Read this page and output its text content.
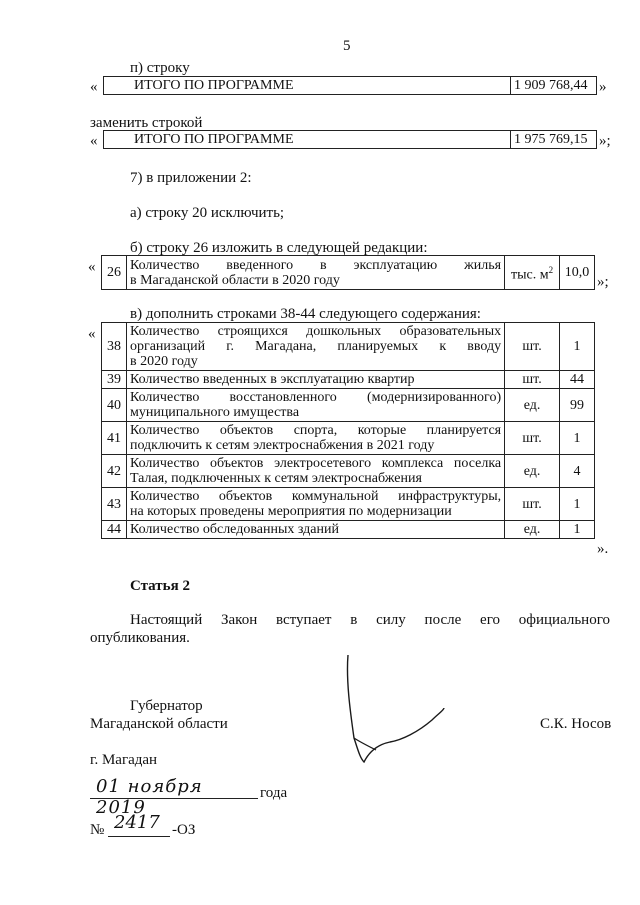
5
п) строку
«	ИТОГО ПО ПРОГРАММЕ	1 909 768,44 »
заменить строкой
«	ИТОГО ПО ПРОГРАММЕ	1 975 769,15 »;
7) в приложении 2:
а) строку 20 исключить;
б) строку 26 изложить в следующей редакции:
« 26	Количество введенного в эксплуатацию жилья
в Магаданской области в 2020 году	тыс. $м^2$	10,0
»;
в) дополнить строками 38-44 следующего содержания:
«
38	Количество строящихся дошкольных образовательных
организаций г. Магадана, планируемых к вводу
в 2020 году	шт.	1
39	Количество введенных в эксплуатацию квартир	шт.	44
40	Количество восстановленного (модернизированного)
муниципального имущества	ед.	99
41	Количество объектов спорта, которые планируется
подключить к сетям электроснабжения в 2021 году	шт.	1
42	Количество объектов электросетевого комплекса поселка
Талая, подключенных к сетям электроснабжения	ед.	4
43	Количество объектов коммунальной инфраструктуры,
на которых проведены мероприятия по модернизации	шт.	1
44	Количество обследованных зданий	ед.	1
».
Статья 2
Настоящий Закон вступает в силу после его официального
опубликования.
Губернатор
Магаданской области	С.К. Носов
г. Магадан
01 ноября 2019
года
№ 2417 -ОЗ
